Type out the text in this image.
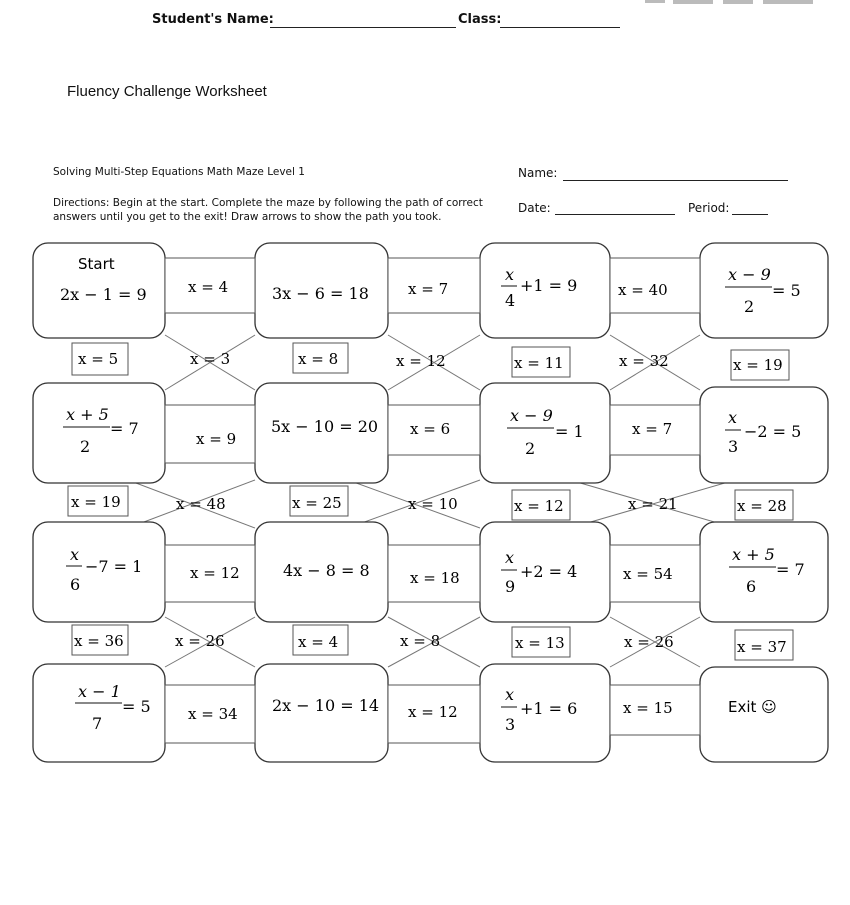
Student's Name:	Class:
Fluency Challenge Worksheet
Solving Multi-Step Equations Math Maze Level 1	Name:
Directions: Begin at the start. Complete the maze by following the path of correct
answers until you get to the exit! Draw arrows to show the path you took.
Date:	Period:
Start
Exit ☺
2x − 1 = 9	3x − 6 = 18
x
4
+1 = 9
x − 9
2
= 5
x + 5
2
= 7	5x − 10 = 20
x − 9
2
= 1
x
3
−2 = 5
x
6
−7 = 1	4x − 8 = 8
x
9
+2 = 4
x + 5
6
= 7
x − 1
7
= 5	2x − 10 = 14
x
3
+1 = 6
x = 4	x = 7	x = 40
x = 5	x = 3	x = 8	x = 12	x = 11	x = 32	x = 19
x = 9
x = 6	x = 7
x = 19	x = 48	x = 25	x = 10	x = 12	x = 21	x = 28
x = 12	x = 18	x = 54
x = 36	x = 26	x = 4	x = 8	x = 13	x = 26	x = 37
x = 34	x = 12	x = 15
